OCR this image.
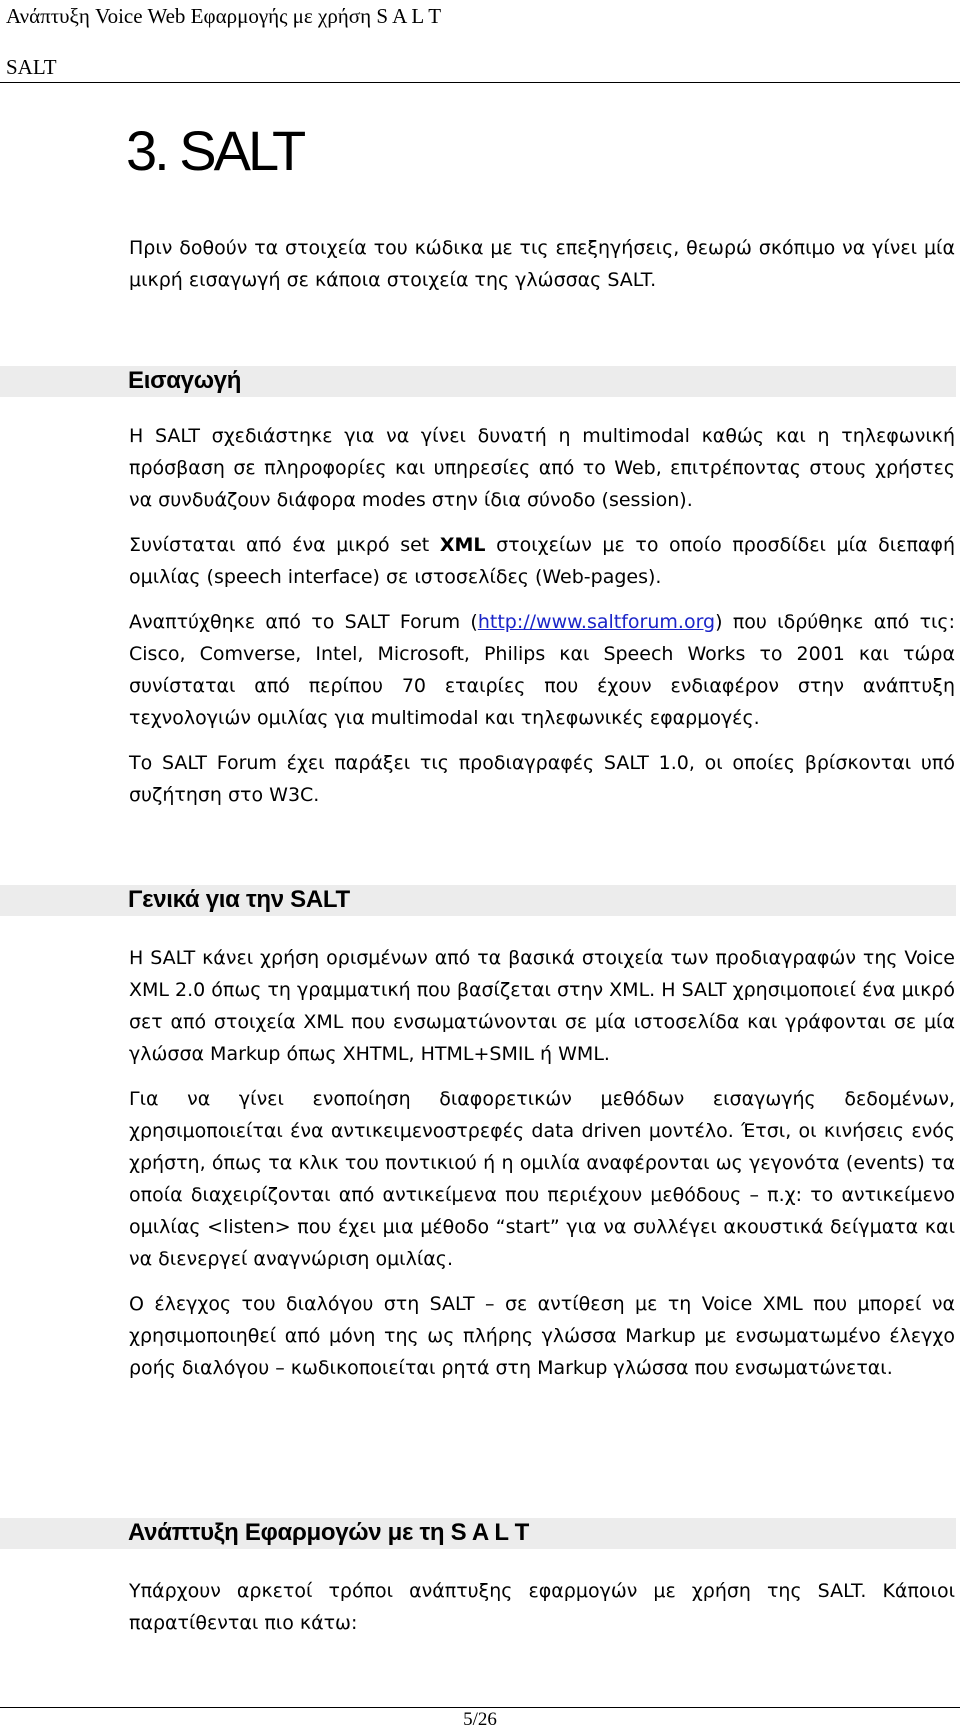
Ανάπτυξη Voice Web Εφαρμογής με χρήση S A L T
SALT
3. SALT

Πριν δοθούν τα στοιχεία του κώδικα με τις επεξηγήσεις, θεωρώ σκόπιμο να γίνει μία μικρή εισαγωγή σε κάποια στοιχεία της γλώσσας SALT.

Εισαγωγή

Η SALT σχεδιάστηκε για να γίνει δυνατή η multimodal καθώς και η τηλεφωνική πρόσβαση σε πληροφορίες και υπηρεσίες από το Web, επιτρέποντας στους χρήστες να συνδυάζουν διάφορα modes στην ίδια σύνοδο (session).

Συνίσταται από ένα μικρό set XML στοιχείων με το οποίο προσδίδει μία διεπαφή ομιλίας (speech interface) σε ιστοσελίδες (Web-pages).

Αναπτύχθηκε από το SALT Forum (http://www.saltforum.org) που ιδρύθηκε από τις: Cisco, Comverse, Intel, Microsoft, Philips και Speech Works το 2001 και τώρα συνίσταται από περίπου 70 εταιρίες που έχουν ενδιαφέρον στην ανάπτυξη τεχνολογιών ομιλίας για multimodal και τηλεφωνικές εφαρμογές.

Το SALT Forum έχει παράξει τις προδιαγραφές SALT 1.0, οι οποίες βρίσκονται υπό συζήτηση στο W3C.

Γενικά για την SALT

Η SALT κάνει χρήση ορισμένων από τα βασικά στοιχεία των προδιαγραφών της Voice XML 2.0 όπως τη γραμματική που βασίζεται στην XML. Η SALT χρησιμοποιεί ένα μικρό σετ από στοιχεία XML που ενσωματώνονται σε μία ιστοσελίδα και γράφονται σε μία γλώσσα Markup όπως XHTML, HTML+SMIL ή WML.

Για να γίνει ενοποίηση διαφορετικών μεθόδων εισαγωγής δεδομένων, χρησιμοποιείται ένα αντικειμενοστρεφές data driven μοντέλο. Έτσι, οι κινήσεις ενός χρήστη, όπως τα κλικ του ποντικιού ή η ομιλία αναφέρονται ως γεγονότα (events) τα οποία διαχειρίζονται από αντικείμενα που περιέχουν μεθόδους – π.χ: το αντικείμενο ομιλίας <listen> που έχει μια μέθοδο “start” για να συλλέγει ακουστικά δείγματα και να διενεργεί αναγνώριση ομιλίας.

Ο έλεγχος του διαλόγου στη SALT – σε αντίθεση με τη Voice XML που μπορεί να χρησιμοποιηθεί από μόνη της ως πλήρης γλώσσα Markup με ενσωματωμένο έλεγχο ροής διαλόγου – κωδικοποιείται ρητά στη Markup γλώσσα που ενσωματώνεται.

Ανάπτυξη Εφαρμογών με τη S A L T

Υπάρχουν αρκετοί τρόποι ανάπτυξης εφαρμογών με χρήση της SALT. Κάποιοι παρατίθενται πιο κάτω:

5/26
